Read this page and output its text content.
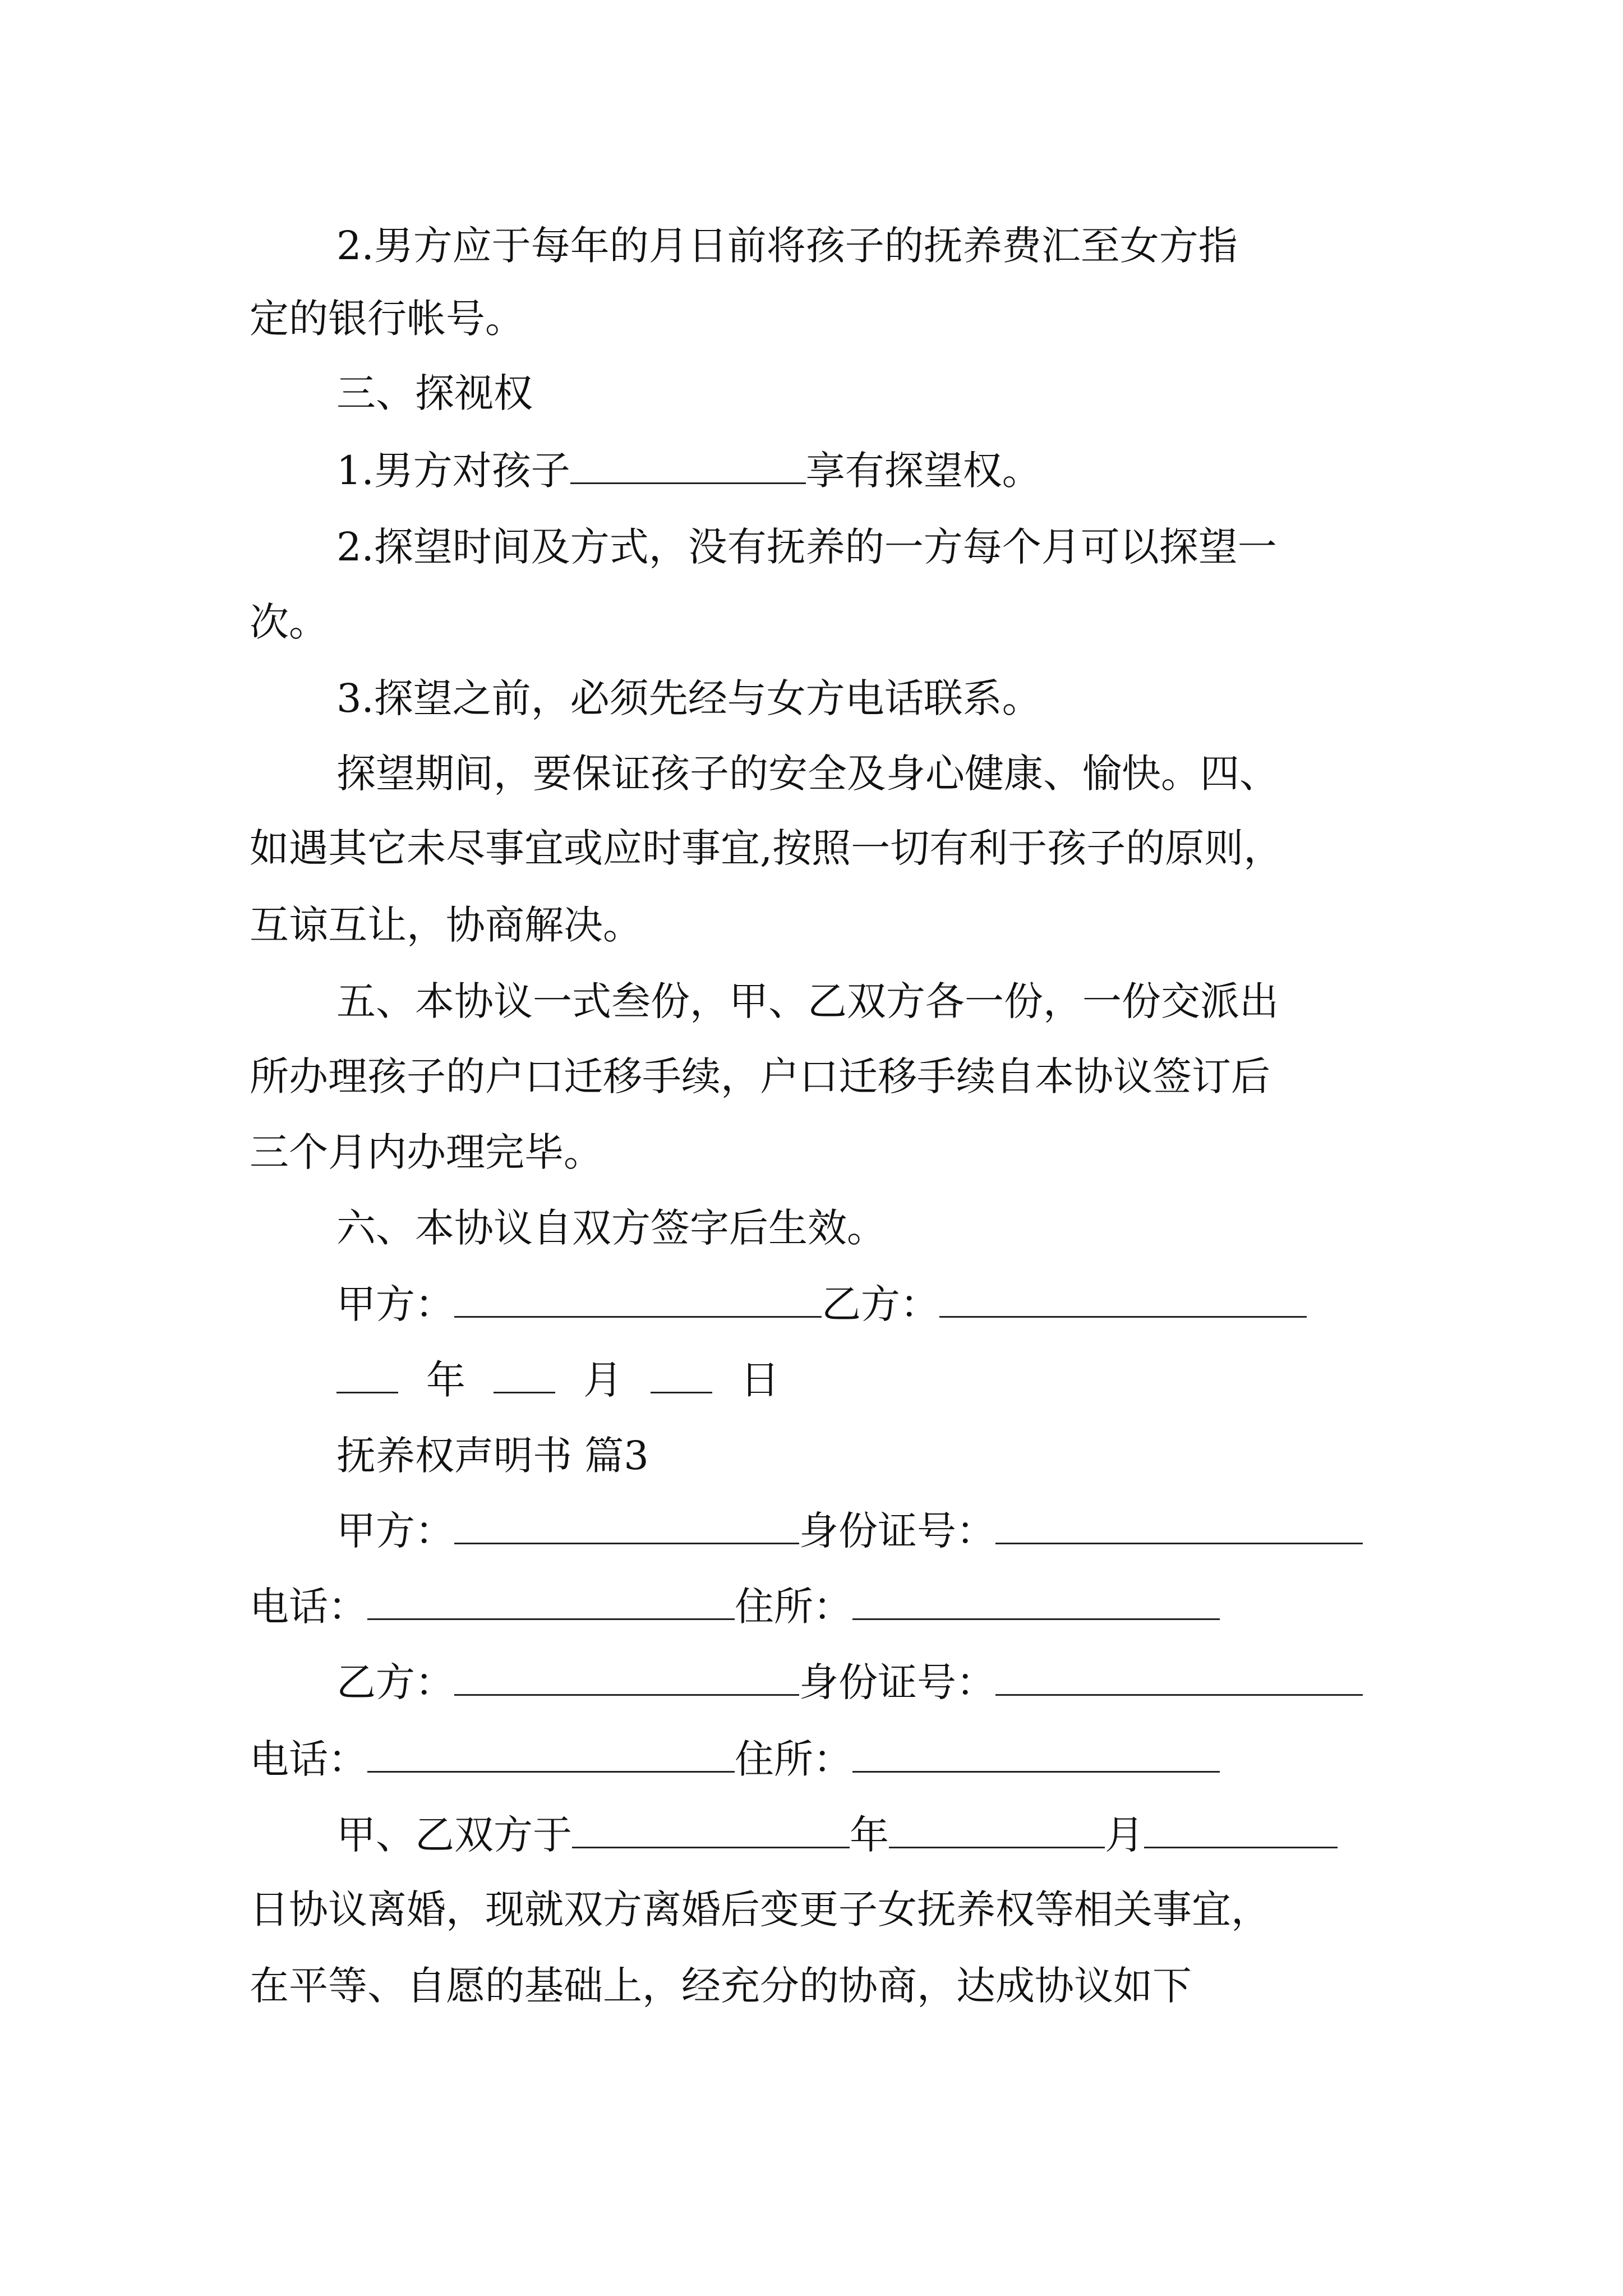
2.男方应于每年的月日前将孩子的抚养费汇至女方指
定的银行帐号。
三、探视权
1.男方对孩子	享有探望权。
2.探望时间及方式，没有抚养的一方每个月可以探望一
次。
3.探望之前，必须先经与女方电话联系。
探望期间，要保证孩子的安全及身心健康、愉快。四、
如遇其它未尽事宜或应时事宜,按照一切有利于孩子的原则，
互谅互让，协商解决。
五、本协议一式叁份，甲、乙双方各一份，一份交派出
所办理孩子的户口迁移手续，户口迁移手续自本协议签订后
三个月内办理完毕。
六、本协议自双方签字后生效。
甲方：	乙方：
年	月	日
抚养权声明书 篇3
甲方：	身份证号：
电话：	住所：
乙方：	身份证号：
电话：	住所：
甲、乙双方于	年	月
日协议离婚，现就双方离婚后变更子女抚养权等相关事宜，
在平等、自愿的基础上，经充分的协商，达成协议如下
